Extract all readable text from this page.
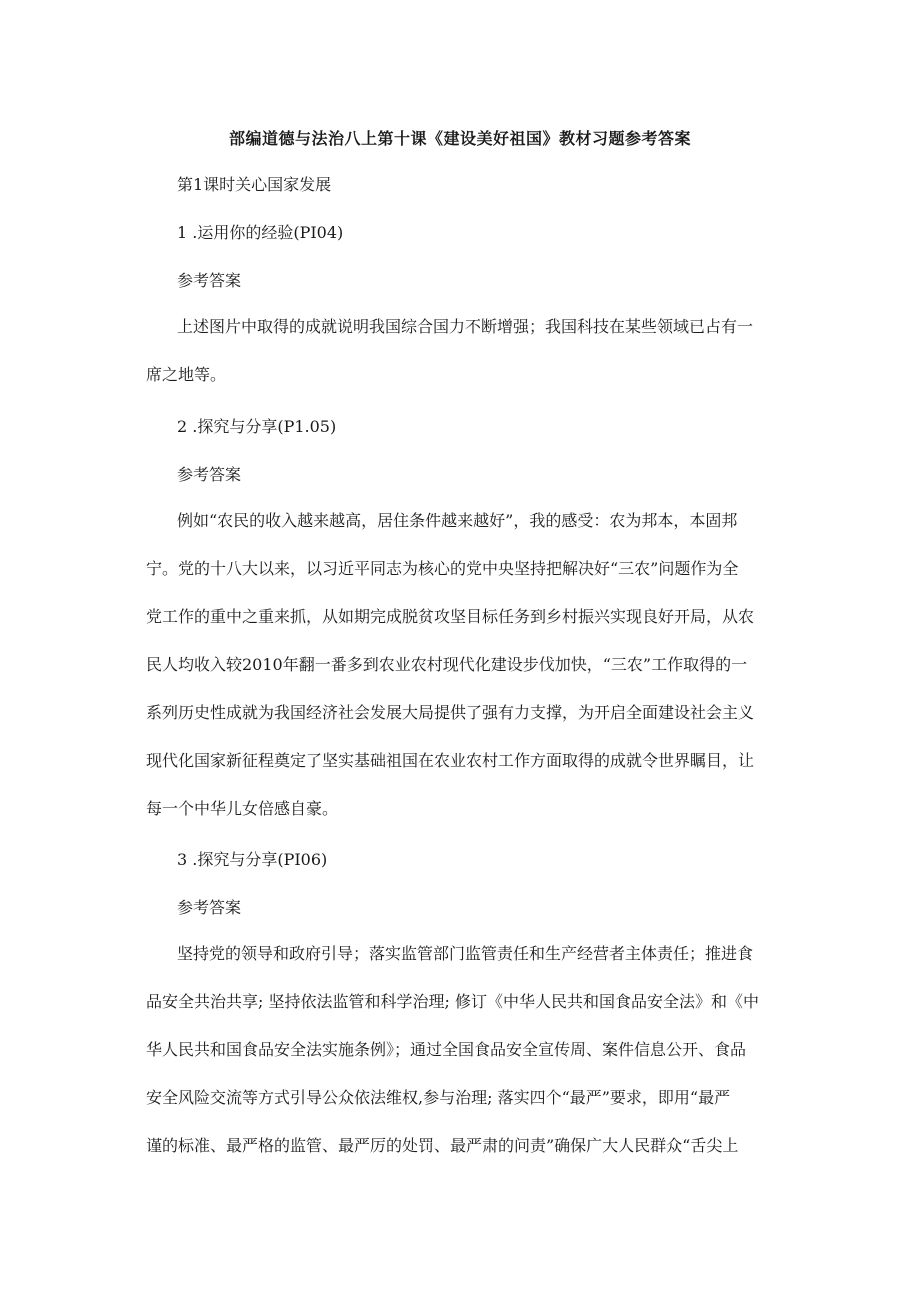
部编道德与法治八上第十课《建设美好祖国》教材习题参考答案
第1课时关心国家发展
1 .运用你的经验(PI04)
参考答案
上述图片中取得的成就说明我国综合国力不断增强；我国科技在某些领域已占有一
席之地等。
2 .探究与分享(P1.05)
参考答案
例如“农民的收入越来越高，居住条件越来越好”，我的感受：农为邦本，本固邦
宁。党的十八大以来，以习近平同志为核心的党中央坚持把解决好“三农”问题作为全
党工作的重中之重来抓，从如期完成脱贫攻坚目标任务到乡村振兴实现良好开局，从农
民人均收入较2010年翻一番多到农业农村现代化建设步伐加快，“三农”工作取得的一
系列历史性成就为我国经济社会发展大局提供了强有力支撑，为开启全面建设社会主义
现代化国家新征程奠定了坚实基础祖国在农业农村工作方面取得的成就令世界瞩目，让
每一个中华儿女倍感自豪。
3 .探究与分享(PI06)
参考答案
坚持党的领导和政府引导；落实监管部门监管责任和生产经营者主体责任；推进食
品安全共治共享; 坚持依法监管和科学治理; 修订《中华人民共和国食品安全法》和《中
华人民共和国食品安全法实施条例》；通过全国食品安全宣传周、案件信息公开、食品
安全风险交流等方式引导公众依法维权,参与治理; 落实四个“最严”要求，即用“最严
谨的标准、最严格的监管、最严厉的处罚、最严肃的问责”确保广大人民群众“舌尖上
